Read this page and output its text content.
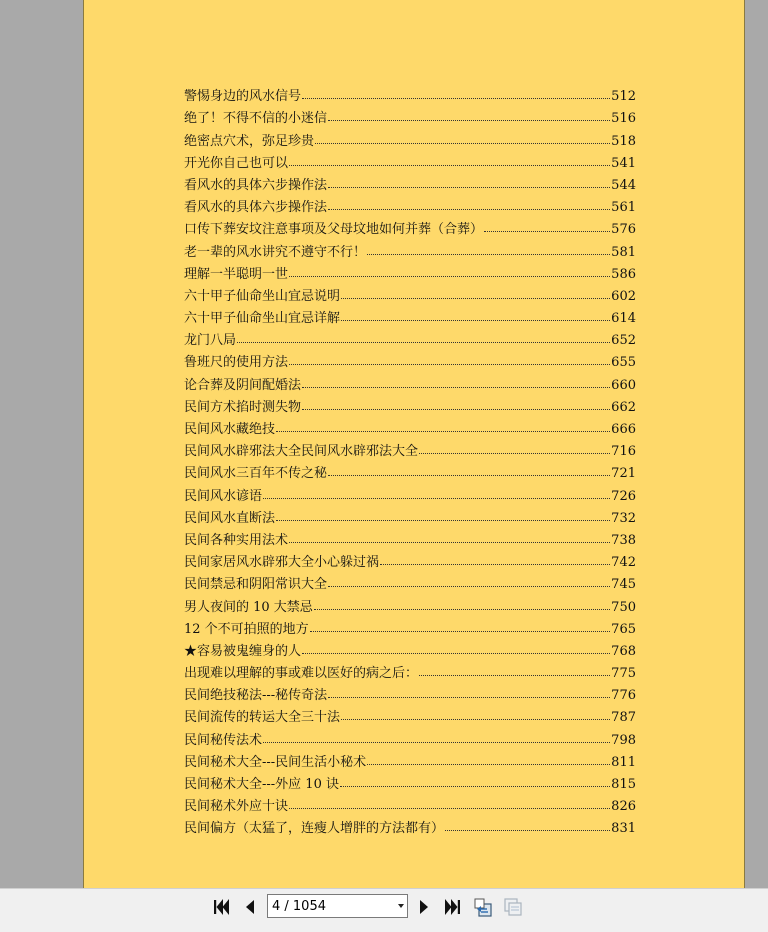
警惕身边的风水信号	512
绝了！不得不信的小迷信	516
绝密点穴术，弥足珍贵	518
开光你自己也可以	541
看风水的具体六步操作法	544
看风水的具体六步操作法	561
口传下葬安坟注意事项及父母坟地如何并葬（合葬）	576
老一辈的风水讲究不遵守不行！	581
理解一半聪明一世	586
六十甲子仙命坐山宜忌说明	602
六十甲子仙命坐山宜忌详解	614
龙门八局	652
鲁班尺的使用方法	655
论合葬及阴间配婚法	660
民间方术掐时测失物	662
民间风水藏绝技	666
民间风水辟邪法大全民间风水辟邪法大全	716
民间风水三百年不传之秘	721
民间风水谚语	726
民间风水直断法	732
民间各种实用法术	738
民间家居风水辟邪大全小心躲过祸	742
民间禁忌和阴阳常识大全	745
男人夜间的 10 大禁忌	750
12 个不可拍照的地方	765
★容易被鬼缠身的人	768
出现难以理解的事或难以医好的病之后：	775
民间绝技秘法---秘传奇法	776
民间流传的转运大全三十法	787
民间秘传法术	798
民间秘术大全---民间生活小秘术	811
民间秘术大全---外应 10 诀	815
民间秘术外应十诀	826
民间偏方（太猛了，连瘦人增胖的方法都有）	831
4 / 1054
